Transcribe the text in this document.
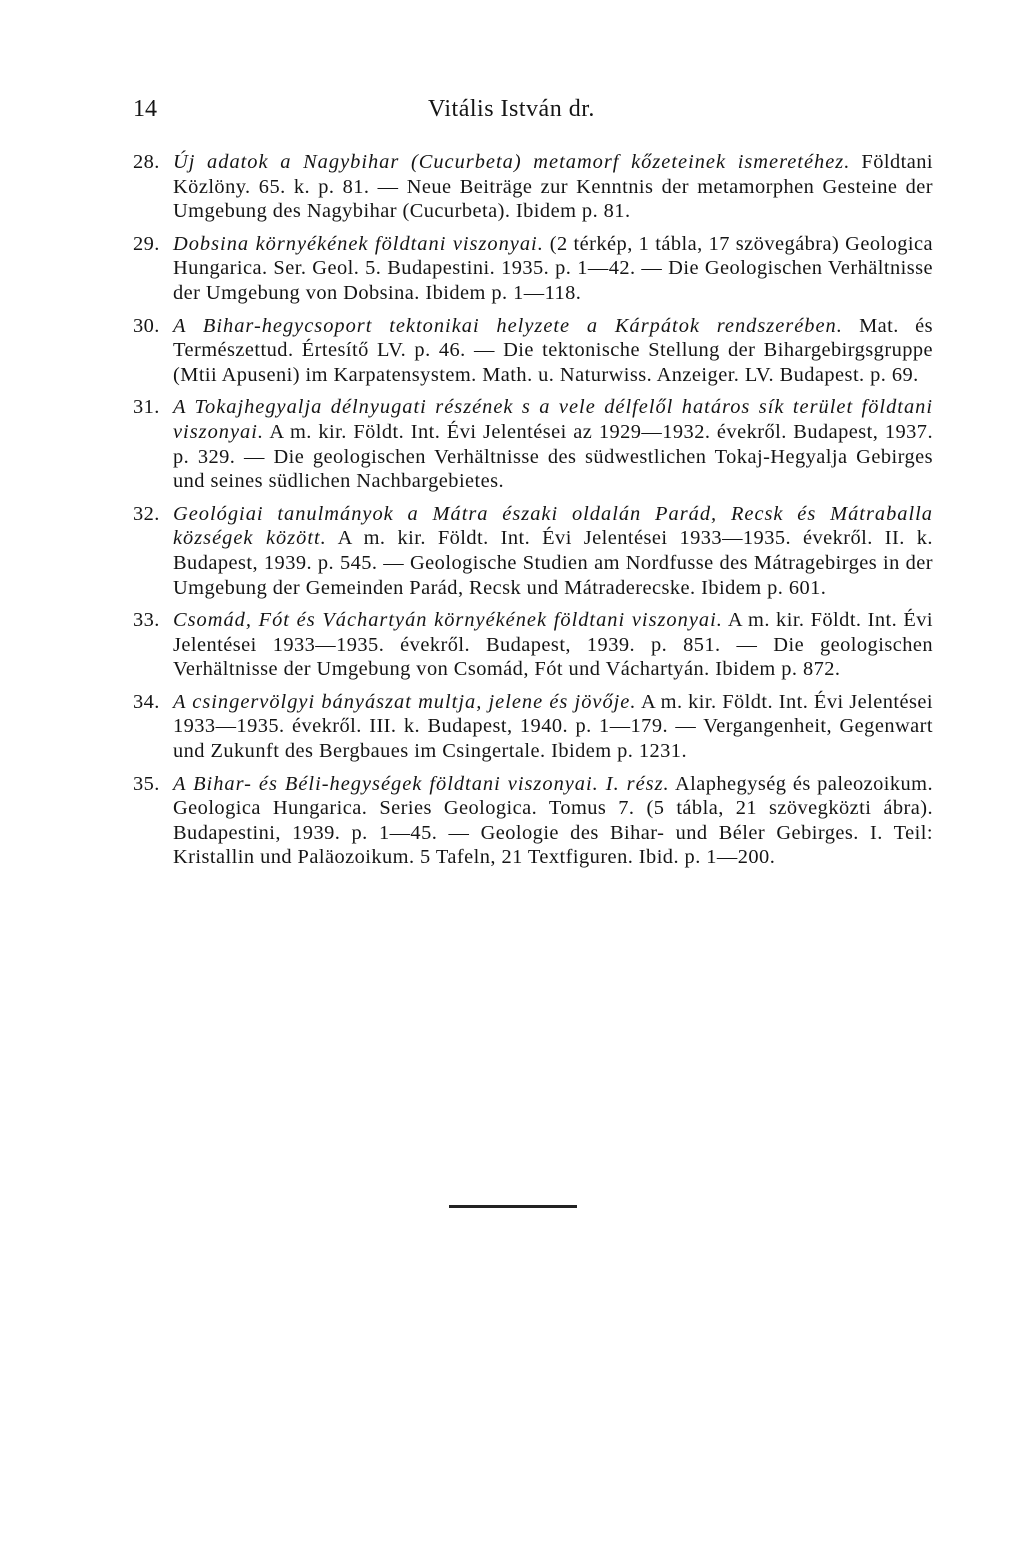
14	Vitális István dr.
28. Új adatok a Nagybihar (Cucurbeta) metamorf kőzeteinek ismeretéhez. Földtani Közlöny. 65. k. p. 81. — Neue Beiträge zur Kenntnis der metamorphen Gesteine der Umgebung des Nagybihar (Cucurbeta). Ibidem p. 81.
29. Dobsina környékének földtani viszonyai. (2 térkép, 1 tábla, 17 szövegábra) Geologica Hungarica. Ser. Geol. 5. Budapestini. 1935. p. 1—42. — Die Geologischen Verhältnisse der Umgebung von Dobsina. Ibidem p. 1—118.
30. A Bihar-hegycsoport tektonikai helyzete a Kárpátok rendszerében. Mat. és Természettud. Értesítő LV. p. 46. — Die tektonische Stellung der Bihargebirgsgruppe (Mtii Apuseni) im Karpatensystem. Math. u. Naturwiss. Anzeiger. LV. Budapest. p. 69.
31. A Tokajhegyalja délnyugati részének s a vele délfelől határos sík terület földtani viszonyai. A m. kir. Földt. Int. Évi Jelentései az 1929—1932. évekről. Budapest, 1937. p. 329. — Die geologischen Verhältnisse des südwestlichen Tokaj-Hegyalja Gebirges und seines südlichen Nachbargebietes.
32. Geológiai tanulmányok a Mátra északi oldalán Parád, Recsk és Mátraballa községek között. A m. kir. Földt. Int. Évi Jelentései 1933—1935. évekről. II. k. Budapest, 1939. p. 545. — Geologische Studien am Nordfusse des Mátragebirges in der Umgebung der Gemeinden Parád, Recsk und Mátraderecske. Ibidem p. 601.
33. Csomád, Fót és Váchartyán környékének földtani viszonyai. A m. kir. Földt. Int. Évi Jelentései 1933—1935. évekről. Budapest, 1939. p. 851. — Die geologischen Verhältnisse der Umgebung von Csomád, Fót und Váchartyán. Ibidem p. 872.
34. A csingervölgyi bányászat multja, jelene és jövője. A m. kir. Földt. Int. Évi Jelentései 1933—1935. évekről. III. k. Budapest, 1940. p. 1—179. — Vergangenheit, Gegenwart und Zukunft des Bergbaues im Csingertale. Ibidem p. 1231.
35. A Bihar- és Béli-hegységek földtani viszonyai. I. rész. Alaphegység és paleozoikum. Geologica Hungarica. Series Geologica. Tomus 7. (5 tábla, 21 szövegközti ábra). Budapestini, 1939. p. 1—45. — Geologie des Bihar- und Béler Gebirges. I. Teil: Kristallin und Paläozoikum. 5 Tafeln, 21 Textfiguren. Ibid. p. 1—200.
